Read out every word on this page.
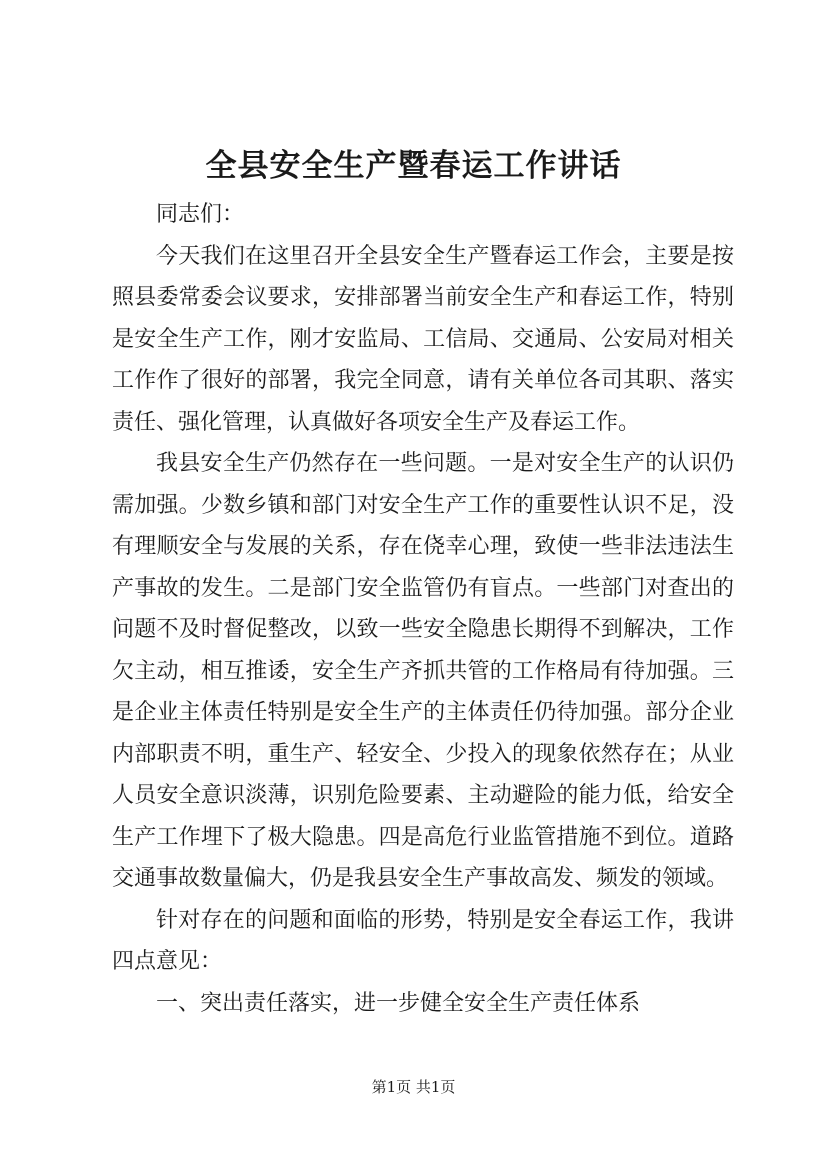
全县安全生产暨春运工作讲话

同志们：

今天我们在这里召开全县安全生产暨春运工作会，主要是按照县委常委会议要求，安排部署当前安全生产和春运工作，特别是安全生产工作，刚才安监局、工信局、交通局、公安局对相关工作作了很好的部署，我完全同意，请有关单位各司其职、落实责任、强化管理，认真做好各项安全生产及春运工作。

我县安全生产仍然存在一些问题。一是对安全生产的认识仍需加强。少数乡镇和部门对安全生产工作的重要性认识不足，没有理顺安全与发展的关系，存在侥幸心理，致使一些非法违法生产事故的发生。二是部门安全监管仍有盲点。一些部门对查出的问题不及时督促整改，以致一些安全隐患长期得不到解决，工作欠主动，相互推诿，安全生产齐抓共管的工作格局有待加强。三是企业主体责任特别是安全生产的主体责任仍待加强。部分企业内部职责不明，重生产、轻安全、少投入的现象依然存在；从业人员安全意识淡薄，识别危险要素、主动避险的能力低，给安全生产工作埋下了极大隐患。四是高危行业监管措施不到位。道路交通事故数量偏大，仍是我县安全生产事故高发、频发的领域。

针对存在的问题和面临的形势，特别是安全春运工作，我讲四点意见：

一、突出责任落实，进一步健全安全生产责任体系

第1页 共1页
